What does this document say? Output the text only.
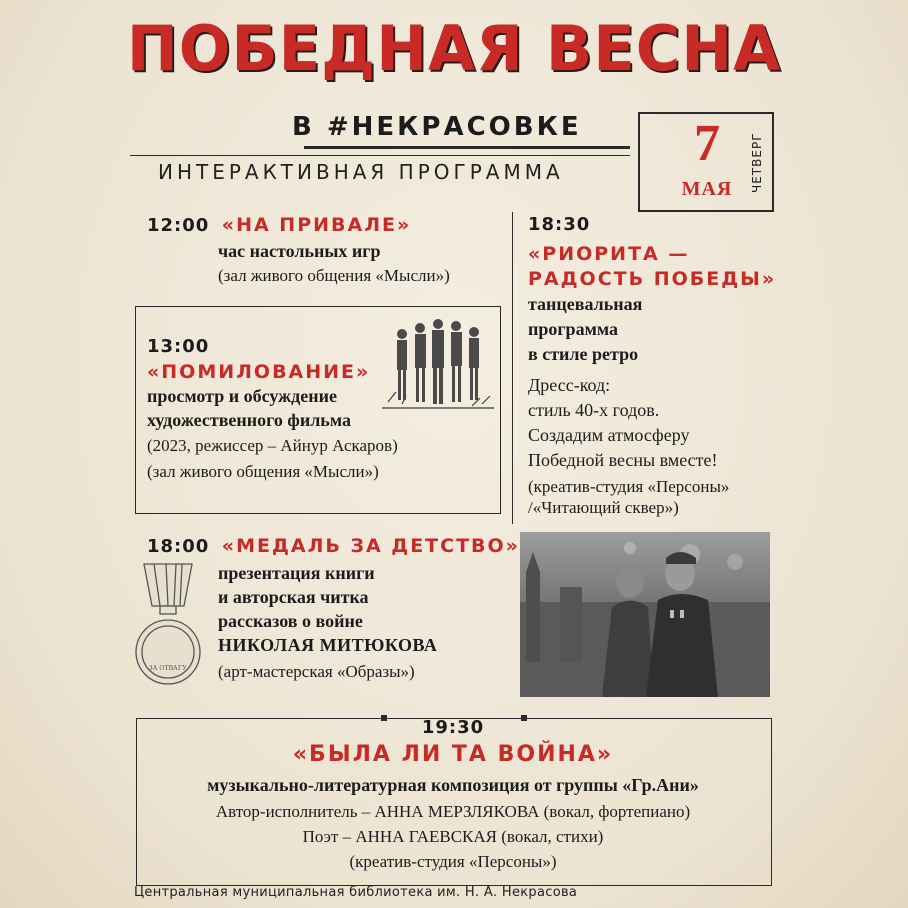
ПОБЕДНАЯ ВЕСНА
В #НЕКРАСОВКЕ
ИНТЕРАКТИВНАЯ ПРОГРАММА	7
МАЯ	ЧЕТВЕРГ
12:00 «НА ПРИВАЛЕ»
час настольных игр
(зал живого общения «Мысли»)
13:00
«ПОМИЛОВАНИЕ»
просмотр и обсуждение
художественного фильма
(2023, режиссер – Айнур Аскаров)
(зал живого общения «Мысли»)
18:00 «МЕДАЛЬ ЗА ДЕТСТВО»
презентация книги
и авторская читка
рассказов о войне
НИКОЛАЯ МИТЮКОВА
(арт-мастерская «Образы»)
ЗА ОТВАГУ
18:30
«РИОРИТА —
РАДОСТЬ ПОБЕДЫ»
танцевальная
программа
в стиле ретро
Дресс-код:
стиль 40-х годов.
Создадим атмосферу
Победной весны вместе!
(креатив-студия «Персоны»
/«Читающий сквер»)
19:30
«БЫЛА ЛИ ТА ВОЙНА»
музыкально-литературная композиция от группы «Гр.Ани»
Автор-исполнитель – АННА МЕРЗЛЯКОВА (вокал, фортепиано)
Поэт – АННА ГАЕВСКАЯ (вокал, стихи)
(креатив-студия «Персоны»)
Центральная муниципальная библиотека им. Н. А. Некрасова
